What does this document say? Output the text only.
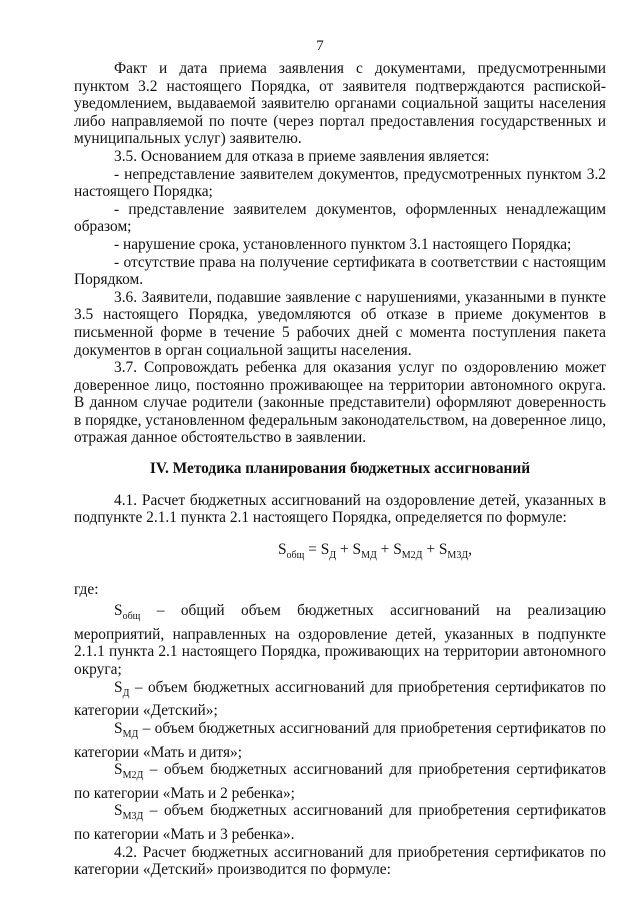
7

Факт и дата приема заявления с документами, предусмотренными пунктом 3.2 настоящего Порядка, от заявителя подтверждаются распиской-уведомлением, выдаваемой заявителю органами социальной защиты населения либо направляемой по почте (через портал предоставления государственных и муниципальных услуг) заявителю.

3.5. Основанием для отказа в приеме заявления является:

- непредставление заявителем документов, предусмотренных пунктом 3.2 настоящего Порядка;

- представление заявителем документов, оформленных ненадлежащим образом;

- нарушение срока, установленного пунктом 3.1 настоящего Порядка;

- отсутствие права на получение сертификата в соответствии с настоящим Порядком.

3.6. Заявители, подавшие заявление с нарушениями, указанными в пункте 3.5 настоящего Порядка, уведомляются об отказе в приеме документов в письменной форме в течение 5 рабочих дней с момента поступления пакета документов в орган социальной защиты населения.

3.7. Сопровождать ребенка для оказания услуг по оздоровлению может доверенное лицо, постоянно проживающее на территории автономного округа. В данном случае родители (законные представители) оформляют доверенность в порядке, установленном федеральным законодательством, на доверенное лицо, отражая данное обстоятельство в заявлении.

IV. Методика планирования бюджетных ассигнований

4.1. Расчет бюджетных ассигнований на оздоровление детей, указанных в подпункте 2.1.1 пункта 2.1 настоящего Порядка, определяется по формуле:

$S_{общ} = S_Д + S_{МД} + S_{М2Д} + S_{М3Д}$,

где:

$S_{общ}$ – общий объем бюджетных ассигнований на реализацию мероприятий, направленных на оздоровление детей, указанных в подпункте 2.1.1 пункта 2.1 настоящего Порядка, проживающих на территории автономного округа;

$S_Д$ – объем бюджетных ассигнований для приобретения сертификатов по категории «Детский»;

$S_{МД}$ – объем бюджетных ассигнований для приобретения сертификатов по категории «Мать и дитя»;

$S_{М2Д}$ – объем бюджетных ассигнований для приобретения сертификатов по категории «Мать и 2 ребенка»;

$S_{М3Д}$ – объем бюджетных ассигнований для приобретения сертификатов по категории «Мать и 3 ребенка».

4.2. Расчет бюджетных ассигнований для приобретения сертификатов по категории «Детский» производится по формуле:
